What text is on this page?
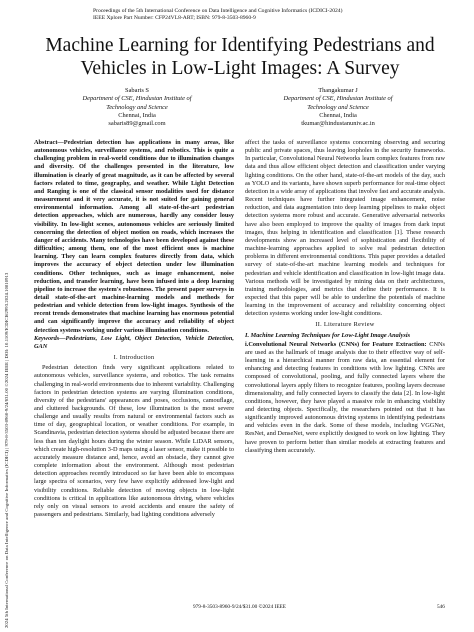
Proceedings of the 5th International Conference on Data Intelligence and Cognitive Informatics (ICDICI-2024)
IEEE Xplore Part Number: CFP24VL8-ART; ISBN: 979-8-3503-8960-9
2024 5th International Conference on Data Intelligence and Cognitive Informatics (ICDICI) | 979-8-3503-8960-9/24/$31.00 ©2024 IEEE | DOI: 10.1109/ICDICI62993.2024.10810913
Machine Learning for Identifying Pedestrians and Vehicles in Low-Light Images: A Survey
Sabaris S
Department of CSE, Hindustan Institute of
Technology and Science
Chennai, India
sabaris89@gmail.com
Thangakumar J
Department of CSE, Hindustan Institute of
Technology and Science
Chennai, India
tkumar@hindustanuniv.ac.in

Abstract—Pedestrian detection has applications in many areas, like autonomous vehicles, surveillance systems, and robotics. This is quite a challenging problem in real-world conditions due to illumination changes and diversity. Of the challenges presented in the literature, low illumination is clearly of great magnitude, as it can be affected by several factors related to time, geography, and weather. While Light Detection and Ranging is one of the classical sensor modalities used for distance measurement and it very accurate, it is not suited for gaining general environmental information. Among all state-of-the-art pedestrian detection approaches, which are numerous, hardly any consider lousy visibility. In low-light scenes, autonomous vehicles are seriously limited concerning the detection of object motion on roads, which increases the danger of accidents. Many technologies have been developed against these difficulties; among them, one of the most efficient ones is machine learning. They can learn complex features directly from data, which improves the accuracy of object detection under low illumination conditions. Other techniques, such as image enhancement, noise reduction, and transfer learning, have been infused into a deep learning pipeline to increase the system's robustness. The present paper surveys in detail state-of-the-art machine-learning models and methods for pedestrian and vehicle detection from low-light images. Synthesis of the recent trends demonstrates that machine learning has enormous potential and can significantly improve the accuracy and reliability of object detection systems working under various illumination conditions.

Keywords—Pedestrians, Low Light, Object Detection, Vehicle Detection, GAN

I. Introduction

Pedestrian detection finds very significant applications related to autonomous vehicles, surveillance systems, and robotics. The task remains challenging in real-world environments due to inherent variability. Challenging factors in pedestrian detection systems are varying illumination conditions, diversity of the pedestrians' appearances and poses, occlusions, camouflage, and cluttered backgrounds. Of these, low illumination is the most severe challenge and usually results from natural or environmental factors such as time of day, geographical location, or weather conditions. For example, in Scandinavia, pedestrian detection systems should be adjusted because there are less than ten daylight hours during the winter season. While LiDAR sensors, which create high-resolution 3-D maps using a laser sensor, make it possible to accurately measure distance and, hence, avoid an obstacle, they cannot give complete information about the environment. Although most pedestrian detection approaches recently introduced so far have been able to encompass large spectra of scenarios, very few have explicitly addressed low-light and visibility conditions. Reliable detection of moving objects in low-light conditions is critical in applications like autonomous driving, where vehicles rely only on visual sensors to avoid accidents and ensure the safety of passengers and pedestrians. Similarly, bad lighting conditions adversely

affect the tasks of surveillance systems concerning observing and securing public and private spaces, thus leaving loopholes in the security frameworks. In particular, Convolutional Neural Networks learn complex features from raw data and thus allow efficient object detection and classification under varying lighting conditions. On the other hand, state-of-the-art models of the day, such as YOLO and its variants, have shown superb performance for real-time object detection in a wide array of applications that involve fast and accurate analysis. Recent techniques have further integrated image enhancement, noise reduction, and data augmentation into deep learning pipelines to make object detection systems more robust and accurate. Generative adversarial networks have also been employed to improve the quality of images from dark input images, thus helping in identification and classification [1]. These research developments show an increased level of sophistication and flexibility of machine-learning approaches applied to solve real pedestrian detection problems in different environmental conditions. This paper provides a detailed survey of state-of-the-art machine learning models and techniques for pedestrian and vehicle identification and classification in low-light image data. Various methods will be investigated by mining data on their architectures, training methodologies, and metrics that define their performance. It is expected that this paper will be able to underline the potentials of machine learning in the improvement of accuracy and reliability concerning object detection systems working under low-light conditions.

II. Literature Review

I. Machine Learning Techniques for Low-Light Image Analysis

i.Convolutional Neural Networks (CNNs) for Feature Extraction: CNNs are used as the hallmark of image analysis due to their effective way of self-learning in a hierarchical manner from raw data, an essential element for enhancing and detecting features in conditions with low lighting. CNNs are composed of convolutional, pooling, and fully connected layers where the convolutional layers apply filters to recognize features, pooling layers decrease dimensionality, and fully connected layers to classify the data [2]. In low-light conditions, however, they have played a massive role in enhancing visibility and detecting objects. Specifically, the researchers pointed out that it has significantly improved autonomous driving systems in identifying pedestrians and vehicles even in the dark. Some of these models, including VGGNet, ResNet, and DenseNet, were explicitly designed to work on low lighting. They have proven to perform better than similar models at extracting features and classifying them accurately.

979-8-3503-8960-9/24/$31.00 ©2024 IEEE	546
